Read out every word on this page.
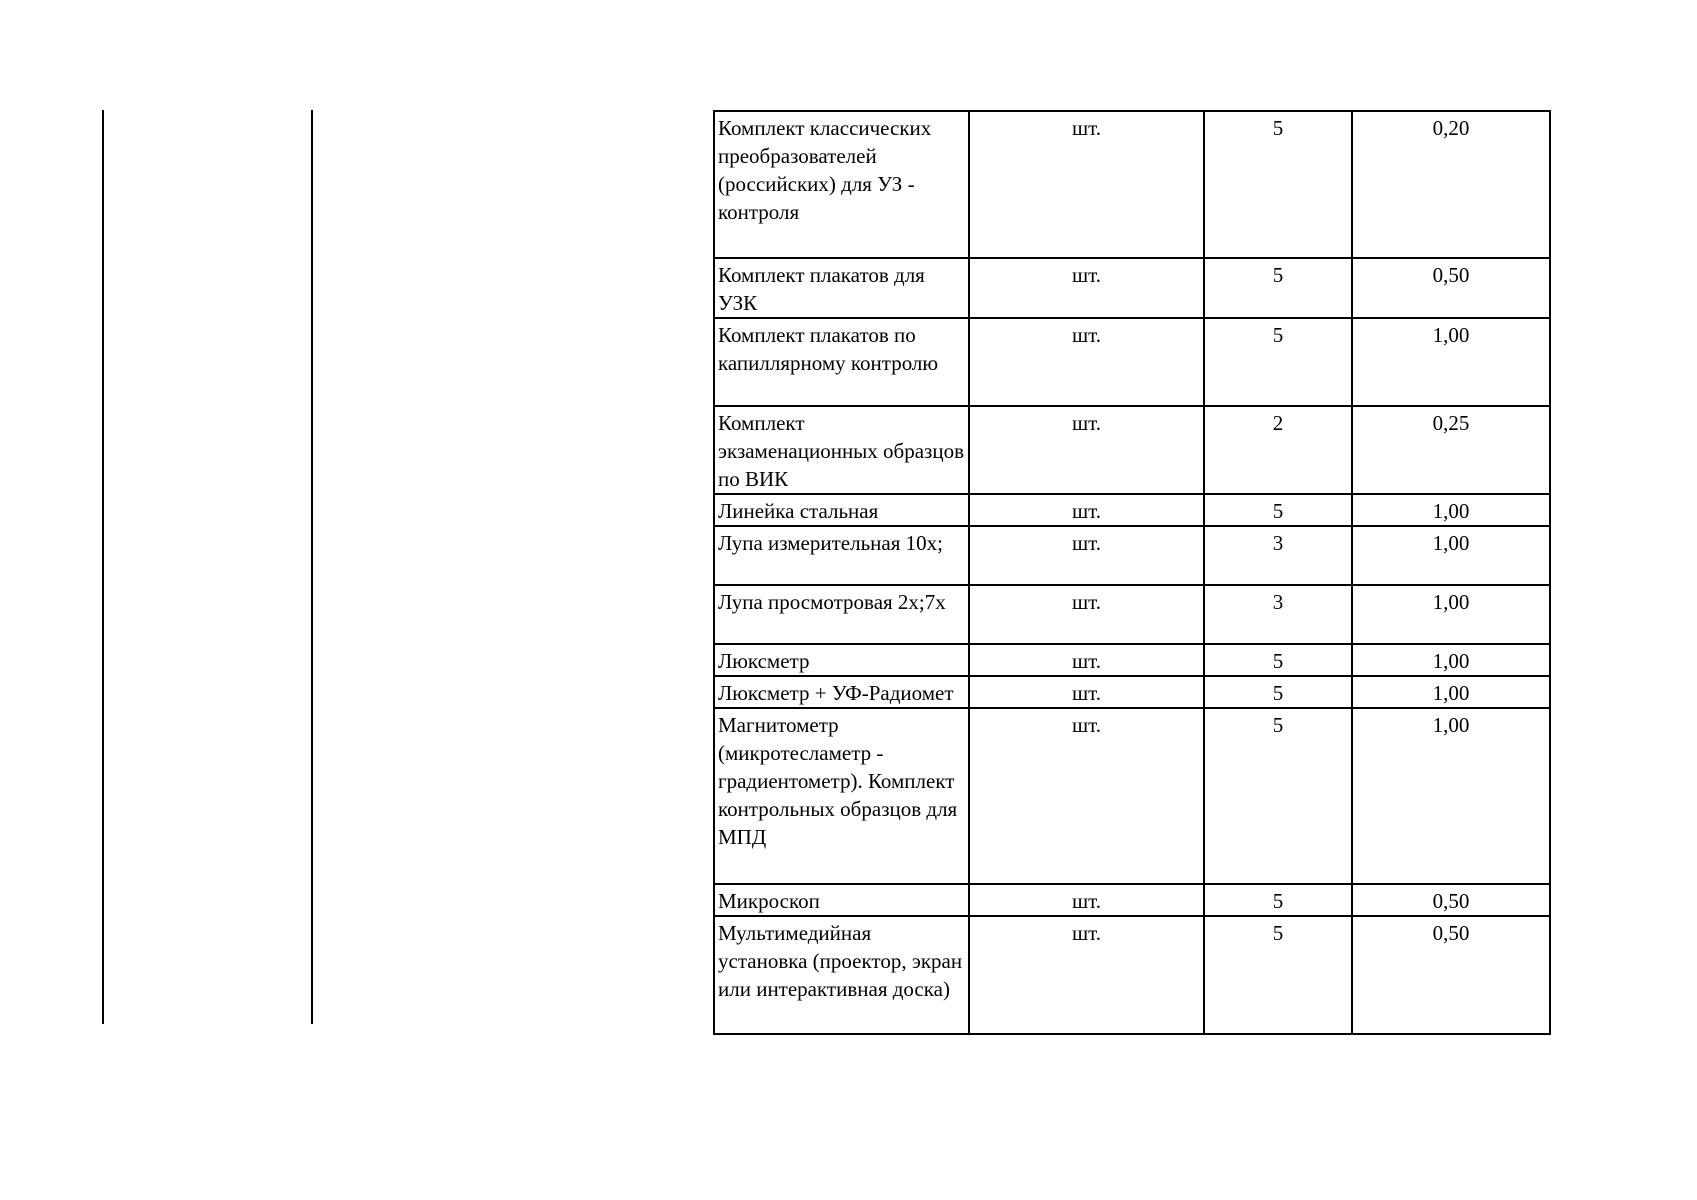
Комплект классических преобразователей (российских) для УЗ - контроля	шт.	5	0,20
Комплект плакатов для УЗК	шт.	5	0,50
Комплект плакатов по капиллярному контролю	шт.	5	1,00
Комплект экзаменационных образцов по ВИК	шт.	2	0,25
Линейка стальная	шт.	5	1,00
Лупа измерительная 10х;	шт.	3	1,00
Лупа просмотровая 2х;7х	шт.	3	1,00
Люксметр	шт.	5	1,00
Люксметр + УФ-Радиомет	шт.	5	1,00
Магнитометр (микротесламетр - градиентометр). Комплект контрольных образцов для МПД	шт.	5	1,00
Микроскоп	шт.	5	0,50
Мультимедийная установка (проектор, экран или интерактивная доска)	шт.	5	0,50
